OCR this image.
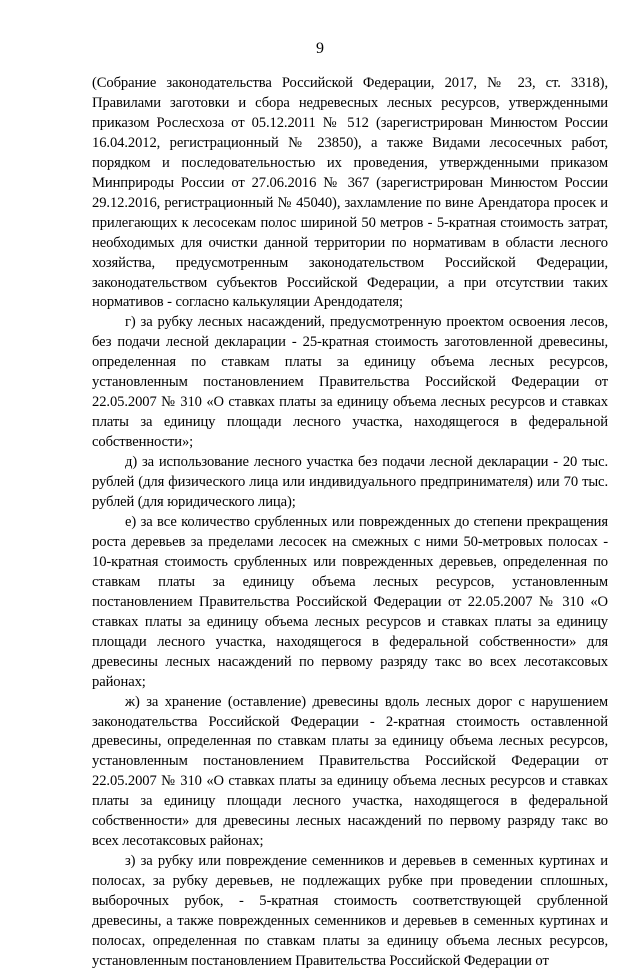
9

(Собрание законодательства Российской Федерации, 2017, № 23, ст. 3318), Правилами заготовки и сбора недревесных лесных ресурсов, утвержденными приказом Рослесхоза от 05.12.2011 № 512 (зарегистрирован Минюстом России 16.04.2012, регистрационный № 23850), а также Видами лесосечных работ, порядком и последовательностью их проведения, утвержденными приказом Минприроды России от 27.06.2016 № 367 (зарегистрирован Минюстом России 29.12.2016, регистрационный № 45040), захламление по вине Арендатора просек и прилегающих к лесосекам полос шириной 50 метров - 5-кратная стоимость затрат, необходимых для очистки данной территории по нормативам в области лесного хозяйства, предусмотренным законодательством Российской Федерации, законодательством субъектов Российской Федерации, а при отсутствии таких нормативов - согласно калькуляции Арендодателя;

г) за рубку лесных насаждений, предусмотренную проектом освоения лесов, без подачи лесной декларации - 25-кратная стоимость заготовленной древесины, определенная по ставкам платы за единицу объема лесных ресурсов, установленным постановлением Правительства Российской Федерации от 22.05.2007 № 310 «О ставках платы за единицу объема лесных ресурсов и ставках платы за единицу площади лесного участка, находящегося в федеральной собственности»;

д) за использование лесного участка без подачи лесной декларации - 20 тыс. рублей (для физического лица или индивидуального предпринимателя) или 70 тыс. рублей (для юридического лица);

е) за все количество срубленных или поврежденных до степени прекращения роста деревьев за пределами лесосек на смежных с ними 50-метровых полосах - 10-кратная стоимость срубленных или поврежденных деревьев, определенная по ставкам платы за единицу объема лесных ресурсов, установленным постановлением Правительства Российской Федерации от 22.05.2007 № 310 «О ставках платы за единицу объема лесных ресурсов и ставках платы за единицу площади лесного участка, находящегося в федеральной собственности» для древесины лесных насаждений по первому разряду такс во всех лесотаксовых районах;

ж) за хранение (оставление) древесины вдоль лесных дорог с нарушением законодательства Российской Федерации - 2-кратная стоимость оставленной древесины, определенная по ставкам платы за единицу объема лесных ресурсов, установленным постановлением Правительства Российской Федерации от 22.05.2007 № 310 «О ставках платы за единицу объема лесных ресурсов и ставках платы за единицу площади лесного участка, находящегося в федеральной собственности» для древесины лесных насаждений по первому разряду такс во всех лесотаксовых районах;

з) за рубку или повреждение семенников и деревьев в семенных куртинах и полосах, за рубку деревьев, не подлежащих рубке при проведении сплошных, выборочных рубок, - 5-кратная стоимость соответствующей срубленной древесины, а также поврежденных семенников и деревьев в семенных куртинах и полосах, определенная по ставкам платы за единицу объема лесных ресурсов, установленным постановлением Правительства Российской Федерации от
